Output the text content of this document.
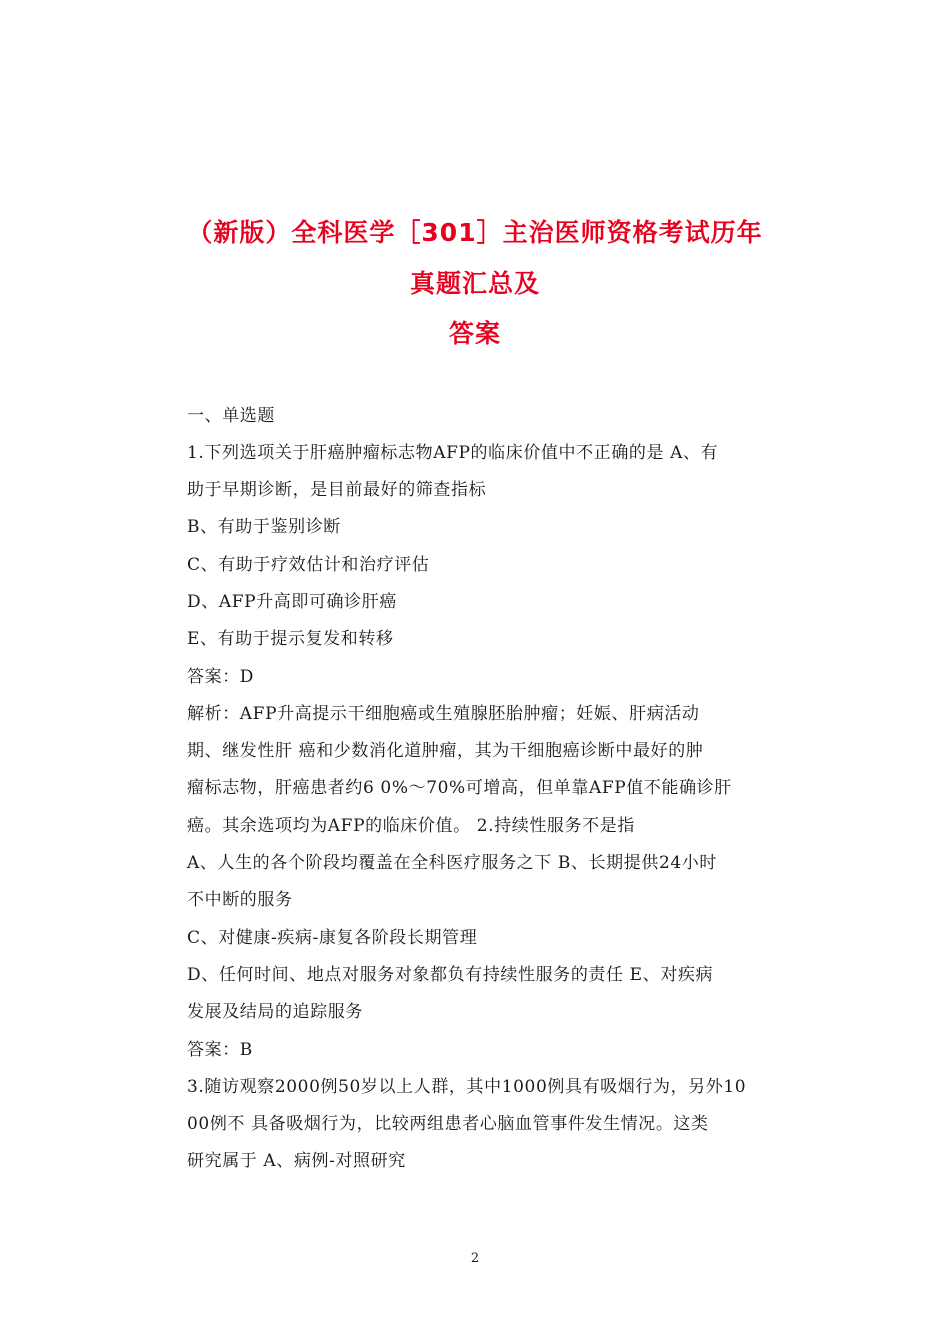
（新版）全科医学［301］主治医师资格考试历年
真题汇总及
答案
一、单选题
1.下列选项关于肝癌肿瘤标志物AFP的临床价值中不正确的是 A、有
助于早期诊断，是目前最好的筛查指标
B、有助于鉴别诊断
C、有助于疗效估计和治疗评估
D、AFP升高即可确诊肝癌
E、有助于提示复发和转移
答案：D
解析：AFP升高提示干细胞癌或生殖腺胚胎肿瘤；妊娠、肝病活动
期、继发性肝 癌和少数消化道肿瘤，其为干细胞癌诊断中最好的肿
瘤标志物，肝癌患者约6 0%～70%可增高，但单靠AFP值不能确诊肝
癌。其余选项均为AFP的临床价值。 2.持续性服务不是指
A、人生的各个阶段均覆盖在全科医疗服务之下 B、长期提供24小时
不中断的服务
C、对健康-疾病-康复各阶段长期管理
D、任何时间、地点对服务对象都负有持续性服务的责任 E、对疾病
发展及结局的追踪服务
答案：B
3.随访观察2000例50岁以上人群，其中1000例具有吸烟行为，另外10
00例不 具备吸烟行为，比较两组患者心脑血管事件发生情况。这类
研究属于 A、病例-对照研究
2
